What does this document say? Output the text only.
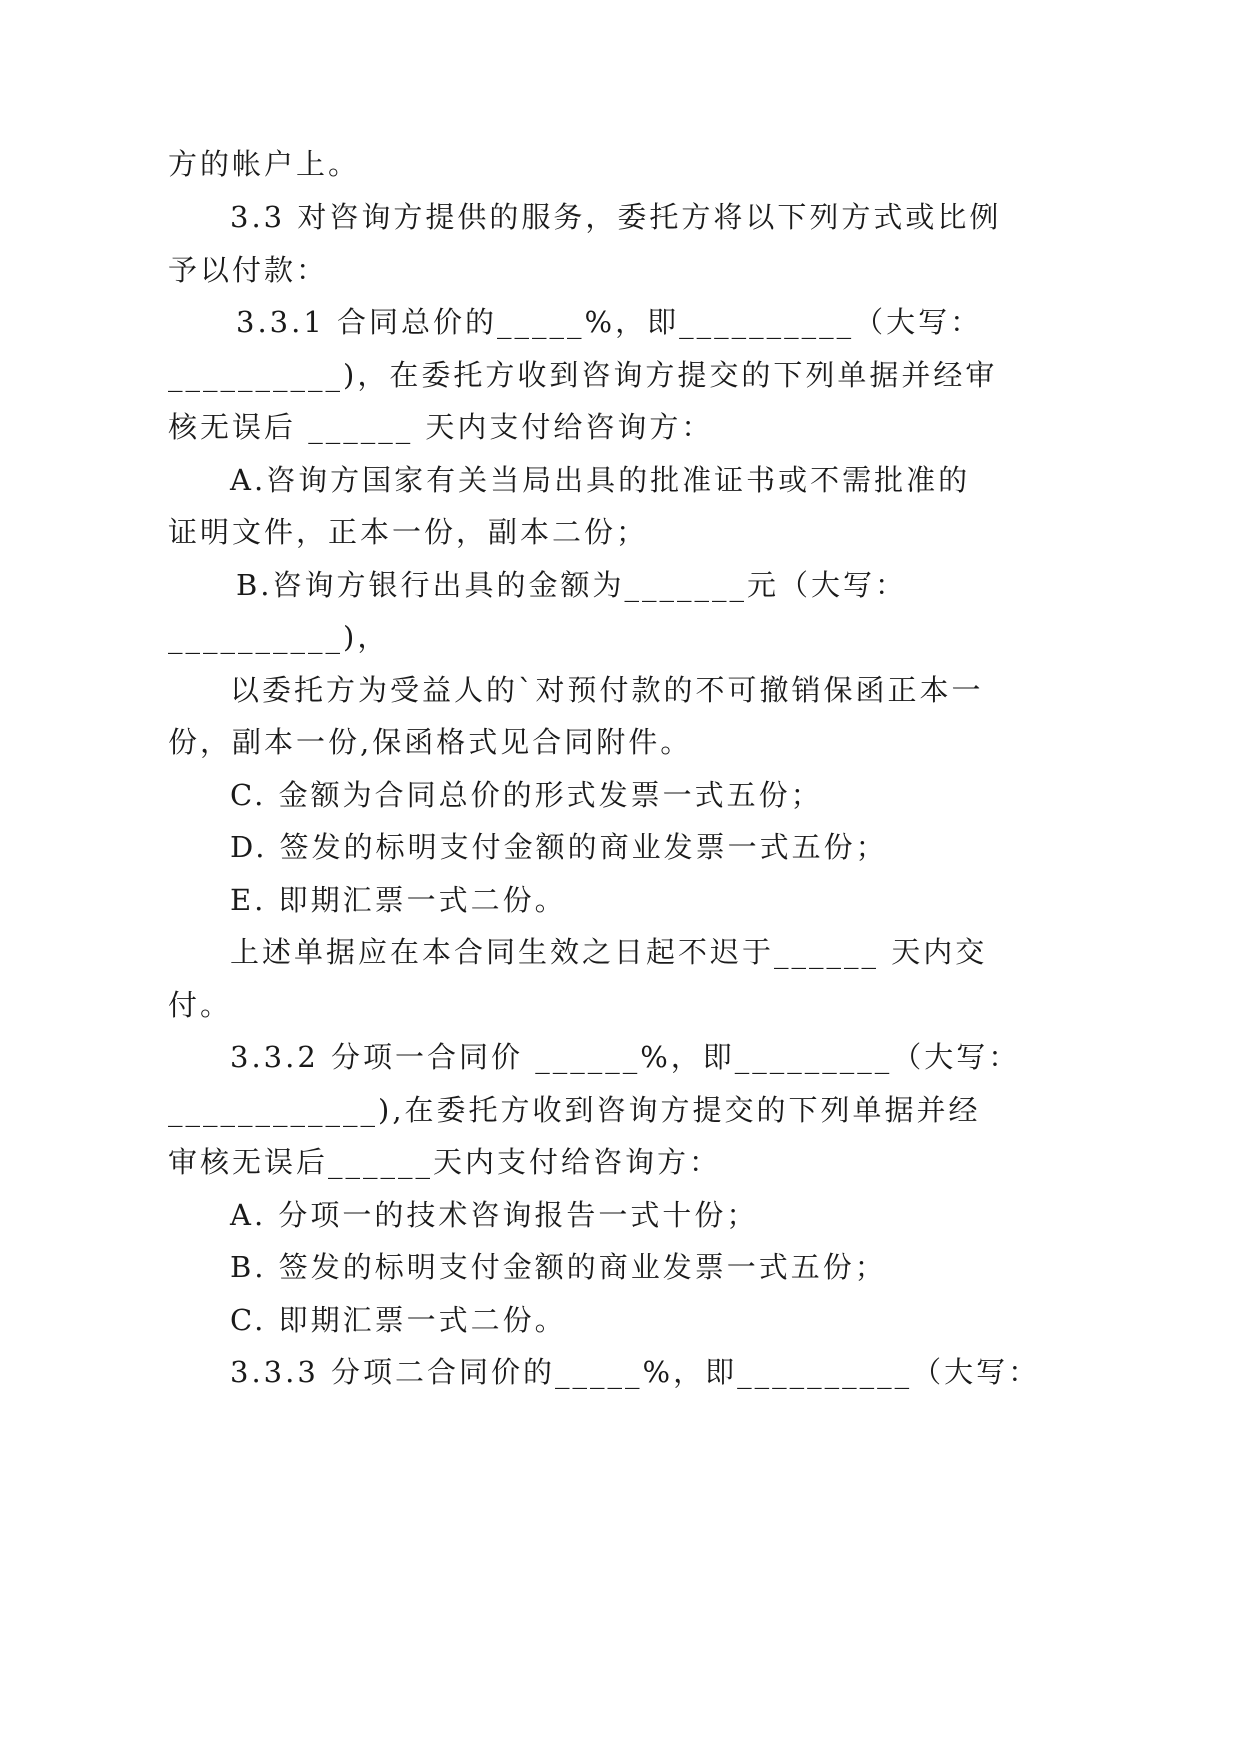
方的帐户上。
3.3 对咨询方提供的服务，委托方将以下列方式或比例
予以付款：
3.3.1 合同总价的_____%，即__________（大写：
__________)，在委托方收到咨询方提交的下列单据并经审
核无误后 ______ 天内支付给咨询方：
A.咨询方国家有关当局出具的批准证书或不需批准的
证明文件，正本一份，副本二份；
B.咨询方银行出具的金额为_______元（大写：
__________)，
以委托方为受益人的`对预付款的不可撤销保函正本一
份，副本一份,保函格式见合同附件。
C. 金额为合同总价的形式发票一式五份；
D. 签发的标明支付金额的商业发票一式五份；
E. 即期汇票一式二份。
上述单据应在本合同生效之日起不迟于______ 天内交
付。
3.3.2 分项一合同价 ______%，即_________（大写：
____________),在委托方收到咨询方提交的下列单据并经
审核无误后______天内支付给咨询方：
A. 分项一的技术咨询报告一式十份；
B. 签发的标明支付金额的商业发票一式五份；
C. 即期汇票一式二份。
3.3.3 分项二合同价的_____%，即__________（大写：
